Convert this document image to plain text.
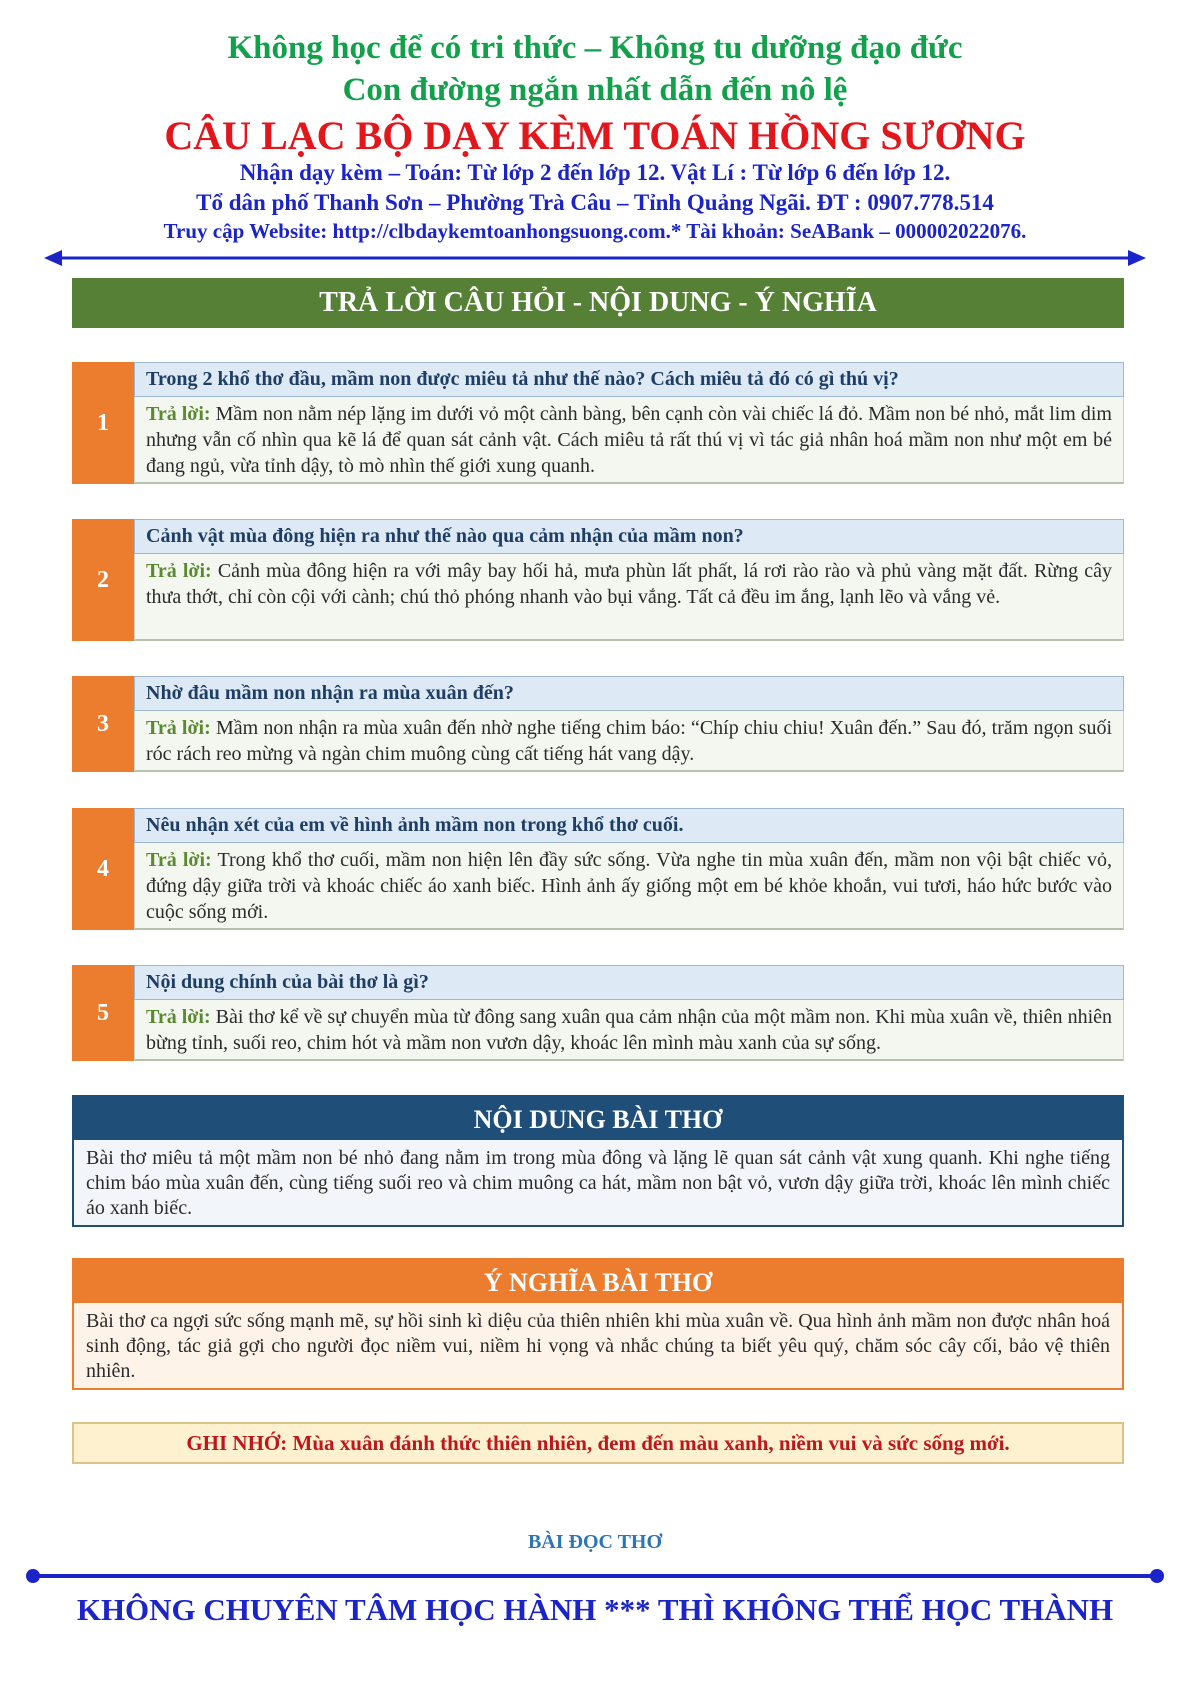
Không học để có tri thức – Không tu dưỡng đạo đức
Con đường ngắn nhất dẫn đến nô lệ
CÂU LẠC BỘ DẠY KÈM TOÁN HỒNG SƯƠNG
Nhận dạy kèm – Toán: Từ lớp 2 đến lớp 12. Vật Lí : Từ lớp 6 đến lớp 12.
Tổ dân phố Thanh Sơn – Phường Trà Câu – Tỉnh Quảng Ngãi. ĐT : 0907.778.514
Truy cập Website: http://clbdaykemtoanhongsuong.com.* Tài khoản: SeABank – 000002022076.
TRẢ LỜI CÂU HỎI - NỘI DUNG - Ý NGHĨA
1
Trong 2 khổ thơ đầu, mầm non được miêu tả như thế nào? Cách miêu tả đó có gì thú vị?
Trả lời: Mầm non nằm nép lặng im dưới vỏ một cành bàng, bên cạnh còn vài chiếc lá đỏ. Mầm non bé nhỏ, mắt lim dim nhưng vẫn cố nhìn qua kẽ lá để quan sát cảnh vật. Cách miêu tả rất thú vị vì tác giả nhân hoá mầm non như một em bé đang ngủ, vừa tỉnh dậy, tò mò nhìn thế giới xung quanh.
2
Cảnh vật mùa đông hiện ra như thế nào qua cảm nhận của mầm non?
Trả lời: Cảnh mùa đông hiện ra với mây bay hối hả, mưa phùn lất phất, lá rơi rào rào và phủ vàng mặt đất. Rừng cây thưa thớt, chỉ còn cội với cành; chú thỏ phóng nhanh vào bụi vắng. Tất cả đều im ắng, lạnh lẽo và vắng vẻ.
3
Nhờ đâu mầm non nhận ra mùa xuân đến?
Trả lời: Mầm non nhận ra mùa xuân đến nhờ nghe tiếng chim báo: “Chíp chiu chiu! Xuân đến.” Sau đó, trăm ngọn suối róc rách reo mừng và ngàn chim muông cùng cất tiếng hát vang dậy.
4
Nêu nhận xét của em về hình ảnh mầm non trong khổ thơ cuối.
Trả lời: Trong khổ thơ cuối, mầm non hiện lên đầy sức sống. Vừa nghe tin mùa xuân đến, mầm non vội bật chiếc vỏ, đứng dậy giữa trời và khoác chiếc áo xanh biếc. Hình ảnh ấy giống một em bé khỏe khoắn, vui tươi, háo hức bước vào cuộc sống mới.
5
Nội dung chính của bài thơ là gì?
Trả lời: Bài thơ kể về sự chuyển mùa từ đông sang xuân qua cảm nhận của một mầm non. Khi mùa xuân về, thiên nhiên bừng tỉnh, suối reo, chim hót và mầm non vươn dậy, khoác lên mình màu xanh của sự sống.
NỘI DUNG BÀI THƠ
Bài thơ miêu tả một mầm non bé nhỏ đang nằm im trong mùa đông và lặng lẽ quan sát cảnh vật xung quanh. Khi nghe tiếng chim báo mùa xuân đến, cùng tiếng suối reo và chim muông ca hát, mầm non bật vỏ, vươn dậy giữa trời, khoác lên mình chiếc áo xanh biếc.
Ý NGHĨA BÀI THƠ
Bài thơ ca ngợi sức sống mạnh mẽ, sự hồi sinh kì diệu của thiên nhiên khi mùa xuân về. Qua hình ảnh mầm non được nhân hoá sinh động, tác giả gợi cho người đọc niềm vui, niềm hi vọng và nhắc chúng ta biết yêu quý, chăm sóc cây cối, bảo vệ thiên nhiên.
GHI NHỚ: Mùa xuân đánh thức thiên nhiên, đem đến màu xanh, niềm vui và sức sống mới.
BÀI ĐỌC THƠ
KHÔNG CHUYÊN TÂM HỌC HÀNH *** THÌ KHÔNG THỂ HỌC THÀNH
